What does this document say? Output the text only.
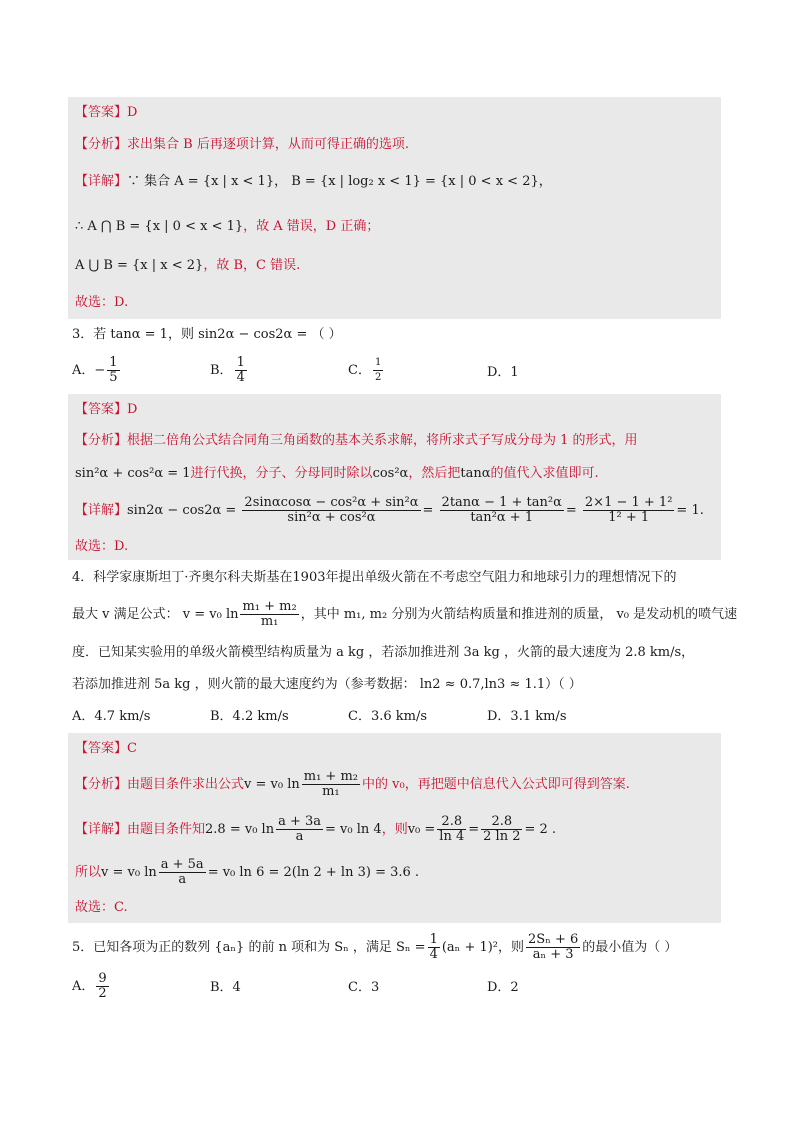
【答案】D
【分析】求出集合 B 后再逐项计算，从而可得正确的选项.
【详解】∵ 集合 A = {x | x < 1}， B = {x | log₂ x < 1} = {x | 0 < x < 2}，
∴ A ⋂ B = {x | 0 < x < 1}，故 A 错误，D 正确；
A ⋃ B = {x | x < 2}，故 B，C 错误.
故选：D.
3．若 tanα = 1，则 sin2α − cos2α = （ ）
A．− $\frac{1}{5}$	B． $\frac{1}{4}$	C． $\frac{1}{2}$	D．1
【答案】D
【分析】根据二倍角公式结合同角三角函数的基本关系求解，将所求式子写成分母为 1 的形式，用
sin²α + cos²α = 1进行代换，分子、分母同时除以cos²α，然后把tanα的值代入求值即可.
【详解】$\sin 2\alpha - \cos 2\alpha = \frac{\text{2sinαcosα − cos²α + sin²α}}{\text{sin²α + cos²α}} = \frac{\text{2tanα − 1 + tan²α}}{\text{tan²α + 1}} = \frac{\text{2×1 − 1 + 1²}}{\text{1² + 1}} = 1$.
故选：D.
4．科学家康斯坦丁·齐奥尔科夫斯基在1903年提出单级火箭在不考虑空气阻力和地球引力的理想情况下的
最大 v 满足公式： v = v₀ $\ln \frac{\text{m₁ + m₂}}{\text{m₁}}$ ，其中 m₁, m₂ 分别为火箭结构质量和推进剂的质量， v₀ 是发动机的喷气速
度．已知某实验用的单级火箭模型结构质量为 a kg ，若添加推进剂 3a kg ，火箭的最大速度为 2.8 km/s，
若添加推进剂 5a kg ，则火箭的最大速度约为（参考数据： ln2 ≈ 0.7,ln3 ≈ 1.1）（ ）
A．4.7 km/s	B．4.2 km/s	C．3.6 km/s	D．3.1 km/s
【答案】C
【分析】由题目条件求出公式v = v₀ $\ln \frac{\text{m₁ + m₂}}{\text{m₁}}$ 中的 v₀，再把题中信息代入公式即可得到答案.
【详解】由题目条件知2.8 = v₀ $\ln \frac{a + 3a}{a} = v_0$ ln 4，则$v_0 = \frac{2.8}{\ln 4} = \frac{2.8}{2 \ln 2} = 2$ .
所以v = v₀ $\ln \frac{a + 5a}{a} = v_0$ ln 6 = 2(ln 2 + ln 3) = 3.6 .
故选：C.
5．已知各项为正的数列 {aₙ} 的前 n 项和为 Sₙ ，满足 $S_n = \frac{1}{4} (a_n + 1)^2$，则 $\frac{\text{2Sₙ + 6}}{\text{aₙ + 3}}$ 的最小值为（ ）
A． $\frac{9}{2}$	B．4	C．3	D．2
